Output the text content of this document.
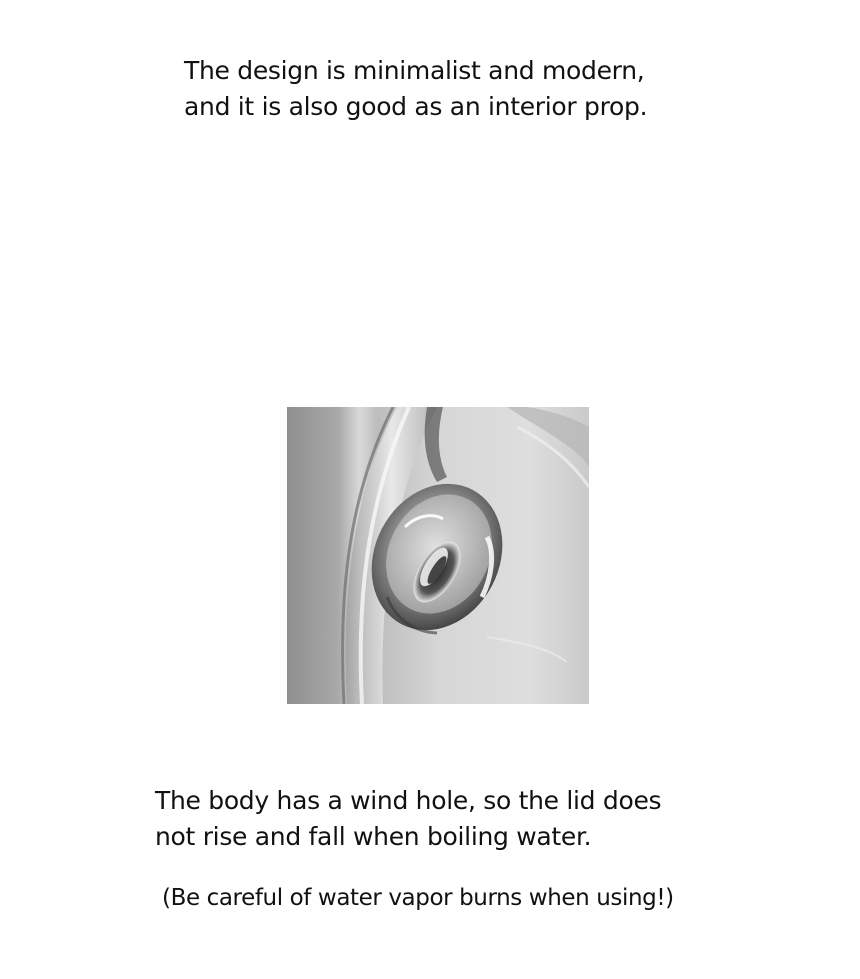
The design is minimalist and modern,
and it is also good as an interior prop.

The body has a wind hole, so the lid does
not rise and fall when boiling water.

(Be careful of water vapor burns when using!)
